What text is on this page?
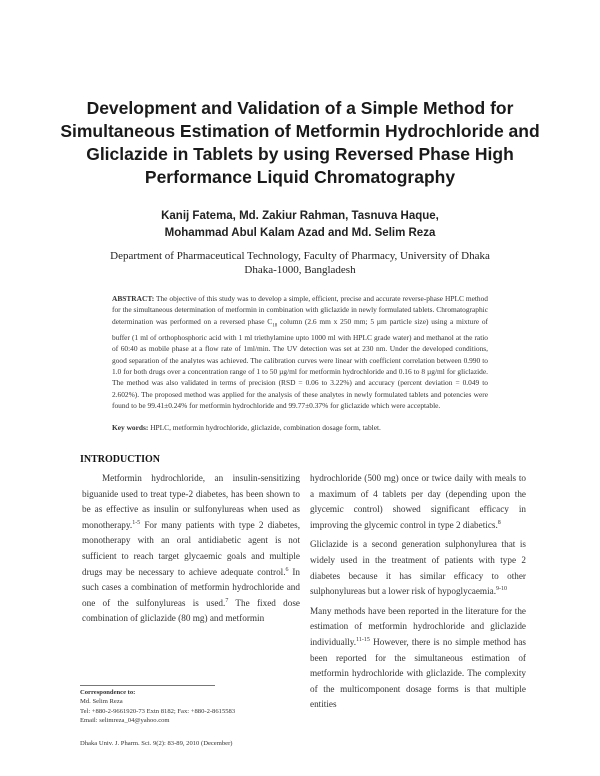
Development and Validation of a Simple Method for Simultaneous Estimation of Metformin Hydrochloride and Gliclazide in Tablets by using Reversed Phase High Performance Liquid Chromatography
Kanij Fatema, Md. Zakiur Rahman, Tasnuva Haque,
Mohammad Abul Kalam Azad and Md. Selim Reza
Department of Pharmaceutical Technology, Faculty of Pharmacy, University of Dhaka
Dhaka-1000, Bangladesh
ABSTRACT: The objective of this study was to develop a simple, efficient, precise and accurate reverse-phase HPLC method for the simultaneous determination of metformin in combination with gliclazide in newly formulated tablets. Chromatographic determination was performed on a reversed phase $C_{18}$ column (2.6 mm x 250 mm; 5 µm particle size) using a mixture of buffer (1 ml of orthophosphoric acid with 1 ml triethylamine upto 1000 ml with HPLC grade water) and methanol at the ratio of 60:40 as mobile phase at a flow rate of 1ml/min. The UV detection was set at 230 nm. Under the developed conditions, good separation of the analytes was achieved. The calibration curves were linear with coefficient correlation between 0.990 to 1.0 for both drugs over a concentration range of 1 to 50 µg/ml for metformin hydrochloride and 0.16 to 8 µg/ml for gliclazide. The method was also validated in terms of precision (RSD = 0.06 to 3.22%) and accuracy (percent deviation = 0.049 to 2.602%). The proposed method was applied for the analysis of these analytes in newly formulated tablets and potencies were found to be 99.41±0.24% for metformin hydrochloride and 99.77±0.37% for gliclazide which were acceptable.
Key words: HPLC, metformin hydrochloride, gliclazide, combination dosage form, tablet.
INTRODUCTION

Metformin hydrochloride, an insulin-sensitizing biguanide used to treat type-2 diabetes, has been shown to be as effective as insulin or sulfonylureas when used as monotherapy.$^{1-5}$ For many patients with type 2 diabetes, monotherapy with an oral antidiabetic agent is not sufficient to reach target glycaemic goals and multiple drugs may be necessary to achieve adequate control.$^6$ In such cases a combination of metformin hydrochloride and one of the sulfonylureas is used.$^7$ The fixed dose combination of gliclazide (80 mg) and metformin

hydrochloride (500 mg) once or twice daily with meals to a maximum of 4 tablets per day (depending upon the glycemic control) showed significant efficacy in improving the glycemic control in type 2 diabetics.$^8$

Gliclazide is a second generation sulphonylurea that is widely used in the treatment of patients with type 2 diabetes because it has similar efficacy to other sulphonylureas but a lower risk of hypoglycaemia.$^{9-10}$

Many methods have been reported in the literature for the estimation of metformin hydrochloride and gliclazide individually.$^{11-15}$ However, there is no simple method has been reported for the simultaneous estimation of metformin hydrochloride with gliclazide. The complexity of the multicomponent dosage forms is that multiple entities

Correspondence to:
Md. Selim Reza
Tel: +880-2-9661920-73 Extn 8182; Fax: +880-2-8615583
Email: selimreza_04@yahoo.com
Dhaka Univ. J. Pharm. Sci. 9(2): 83-89, 2010 (December)
